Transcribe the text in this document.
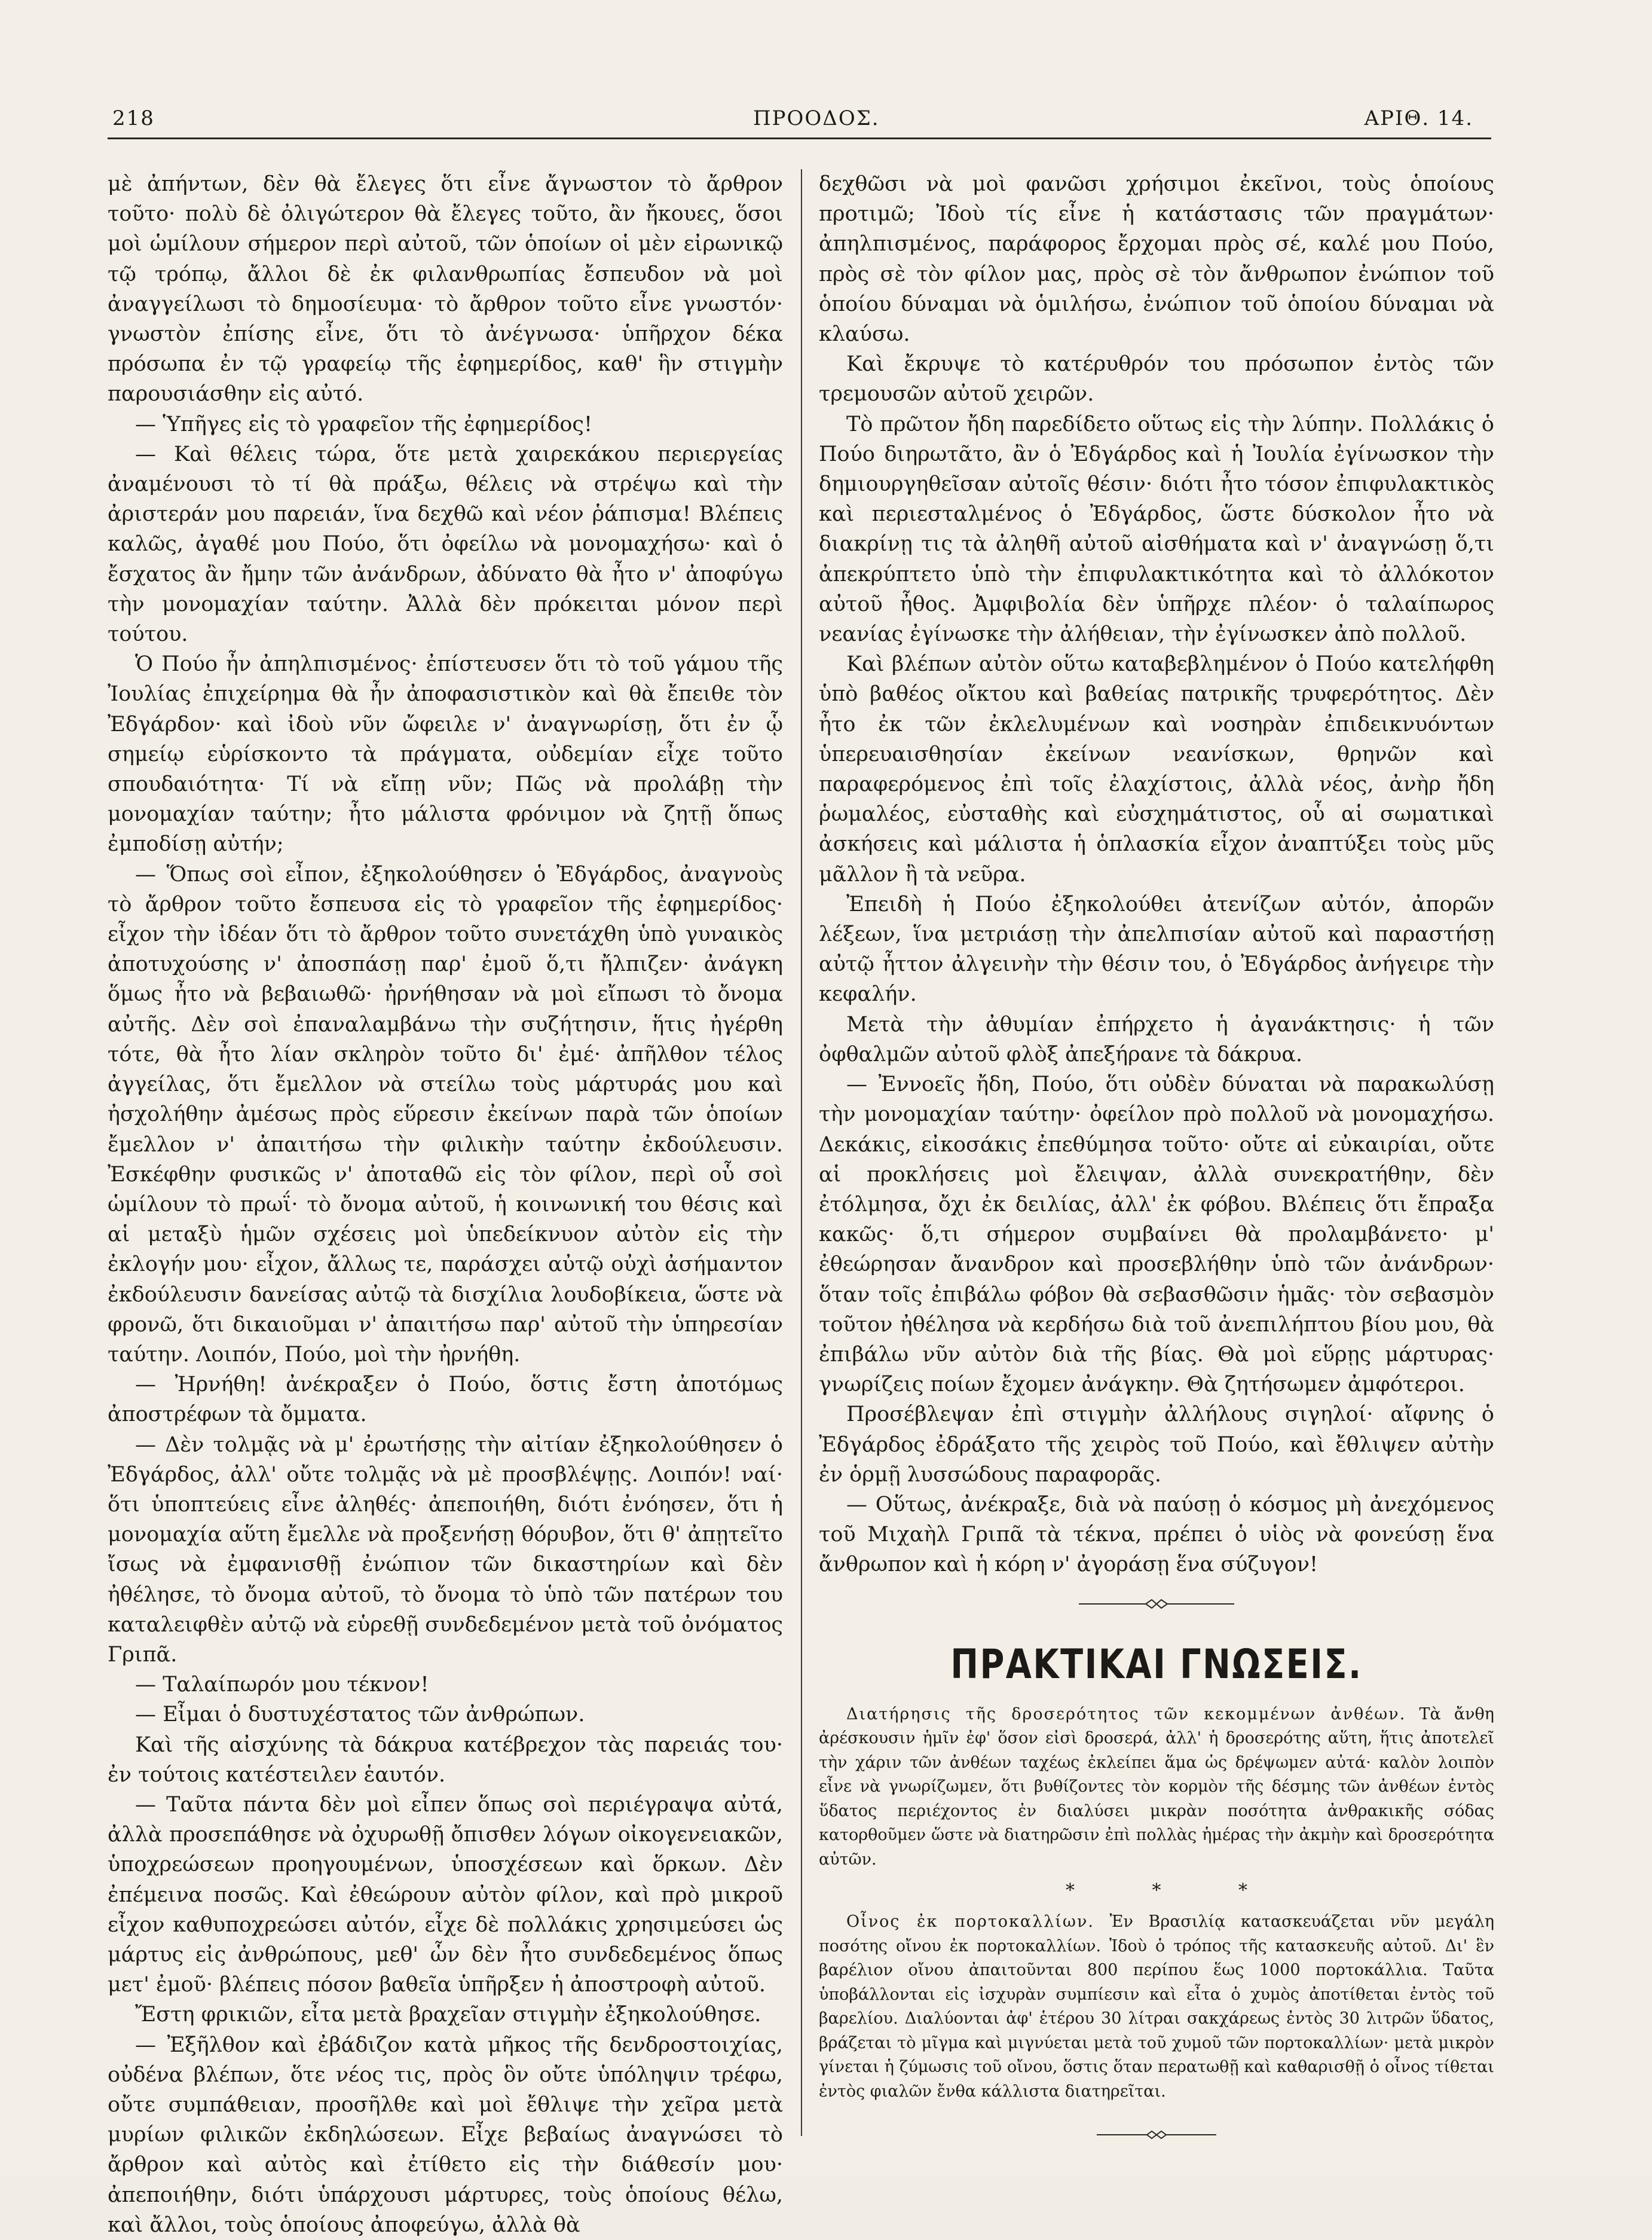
218	ΠΡΟΟΔΟΣ.	ΑΡΙΘ. 14.

μὲ ἀπήντων, δὲν θὰ ἔλεγες ὅτι εἶνε ἄγνωστον τὸ ἄρθρον τοῦτο· πολὺ δὲ ὀλιγώτερον θὰ ἔλεγες τοῦτο, ἂν ἤκουες, ὅσοι μοὶ ὡμίλουν σήμερον περὶ αὐτοῦ, τῶν ὁποίων οἱ μὲν εἰρωνικῷ τῷ τρόπῳ, ἄλλοι δὲ ἐκ φιλανθρωπίας ἔσπευδον νὰ μοὶ ἀναγγείλωσι τὸ δημοσίευμα· τὸ ἄρθρον τοῦτο εἶνε γνωστόν· γνωστὸν ἐπίσης εἶνε, ὅτι τὸ ἀνέγνωσα· ὑπῆρχον δέκα πρόσωπα ἐν τῷ γραφείῳ τῆς ἐφημερίδος, καθ' ἣν στιγμὴν παρουσιάσθην εἰς αὐτό.

— Ὑπῆγες εἰς τὸ γραφεῖον τῆς ἐφημερίδος!

— Καὶ θέλεις τώρα, ὅτε μετὰ χαιρεκάκου περιεργείας ἀναμένουσι τὸ τί θὰ πράξω, θέλεις νὰ στρέψω καὶ τὴν ἀριστεράν μου παρειάν, ἵνα δεχθῶ καὶ νέον ῥάπισμα! Βλέπεις καλῶς, ἀγαθέ μου Πούο, ὅτι ὀφείλω νὰ μονομαχήσω· καὶ ὁ ἔσχατος ἂν ἤμην τῶν ἀνάνδρων, ἀδύνατο θὰ ἦτο ν' ἀποφύγω τὴν μονομαχίαν ταύτην. Ἀλλὰ δὲν πρόκειται μόνον περὶ τούτου.

Ὁ Πούο ἦν ἀπηλπισμένος· ἐπίστευσεν ὅτι τὸ τοῦ γάμου τῆς Ἰουλίας ἐπιχείρημα θὰ ἦν ἀποφασιστικὸν καὶ θὰ ἔπειθε τὸν Ἐδγάρδον· καὶ ἰδοὺ νῦν ὤφειλε ν' ἀναγνωρίσῃ, ὅτι ἐν ᾧ σημείῳ εὑρίσκοντο τὰ πράγματα, οὐδεμίαν εἶχε τοῦτο σπουδαιότητα· Τί νὰ εἴπῃ νῦν; Πῶς νὰ προλάβῃ τὴν μονομαχίαν ταύτην; ἦτο μάλιστα φρόνιμον νὰ ζητῇ ὅπως ἐμποδίσῃ αὐτήν;

— Ὅπως σοὶ εἶπον, ἐξηκολούθησεν ὁ Ἐδγάρδος, ἀναγνοὺς τὸ ἄρθρον τοῦτο ἔσπευσα εἰς τὸ γραφεῖον τῆς ἐφημερίδος· εἶχον τὴν ἰδέαν ὅτι τὸ ἄρθρον τοῦτο συνετάχθη ὑπὸ γυναικὸς ἀποτυχούσης ν' ἀποσπάσῃ παρ' ἐμοῦ ὅ,τι ἤλπιζεν· ἀνάγκη ὅμως ἦτο νὰ βεβαιωθῶ· ἠρνήθησαν νὰ μοὶ εἴπωσι τὸ ὄνομα αὐτῆς. Δὲν σοὶ ἐπαναλαμβάνω τὴν συζήτησιν, ἥτις ἠγέρθη τότε, θὰ ἦτο λίαν σκληρὸν τοῦτο δι' ἐμέ· ἀπῆλθον τέλος ἀγγείλας, ὅτι ἔμελλον νὰ στείλω τοὺς μάρτυράς μου καὶ ἠσχολήθην ἀμέσως πρὸς εὕρεσιν ἐκείνων παρὰ τῶν ὁποίων ἔμελλον ν' ἀπαιτήσω τὴν φιλικὴν ταύτην ἐκδούλευσιν. Ἐσκέφθην φυσικῶς ν' ἀποταθῶ εἰς τὸν φίλον, περὶ οὗ σοὶ ὡμίλουν τὸ πρωΐ· τὸ ὄνομα αὐτοῦ, ἡ κοινωνική του θέσις καὶ αἱ μεταξὺ ἡμῶν σχέσεις μοὶ ὑπεδείκνυον αὐτὸν εἰς τὴν ἐκλογήν μου· εἶχον, ἄλλως τε, παράσχει αὐτῷ οὐχὶ ἀσήμαντον ἐκδούλευσιν δανείσας αὐτῷ τὰ δισχίλια λουδοβίκεια, ὥστε νὰ φρονῶ, ὅτι δικαιοῦμαι ν' ἀπαιτήσω παρ' αὐτοῦ τὴν ὑπηρεσίαν ταύτην. Λοιπόν, Πούο, μοὶ τὴν ἠρνήθη.

— Ἠρνήθη! ἀνέκραξεν ὁ Πούο, ὅστις ἔστη ἀποτόμως ἀποστρέφων τὰ ὄμματα.

— Δὲν τολμᾷς νὰ μ' ἐρωτήσῃς τὴν αἰτίαν ἐξηκολούθησεν ὁ Ἐδγάρδος, ἀλλ' οὔτε τολμᾷς νὰ μὲ προσβλέψῃς. Λοιπόν! ναί· ὅτι ὑποπτεύεις εἶνε ἀληθές· ἀπεποιήθη, διότι ἐνόησεν, ὅτι ἡ μονομαχία αὕτη ἔμελλε νὰ προξενήσῃ θόρυβον, ὅτι θ' ἀπῃτεῖτο ἴσως νὰ ἐμφανισθῇ ἐνώπιον τῶν δικαστηρίων καὶ δὲν ἠθέλησε, τὸ ὄνομα αὐτοῦ, τὸ ὄνομα τὸ ὑπὸ τῶν πατέρων του καταλειφθὲν αὐτῷ νὰ εὑρεθῇ συνδεδεμένον μετὰ τοῦ ὀνόματος Γριπᾶ.

— Ταλαίπωρόν μου τέκνον!

— Εἶμαι ὁ δυστυχέστατος τῶν ἀνθρώπων.

Καὶ τῆς αἰσχύνης τὰ δάκρυα κατέβρεχον τὰς παρειάς του· ἐν τούτοις κατέστειλεν ἑαυτόν.

— Ταῦτα πάντα δὲν μοὶ εἶπεν ὅπως σοὶ περιέγραψα αὐτά, ἀλλὰ προσεπάθησε νὰ ὀχυρωθῇ ὄπισθεν λόγων οἰκογενειακῶν, ὑποχρεώσεων προηγουμένων, ὑποσχέσεων καὶ ὅρκων. Δὲν ἐπέμεινα ποσῶς. Καὶ ἐθεώρουν αὐτὸν φίλον, καὶ πρὸ μικροῦ εἶχον καθυποχρεώσει αὐτόν, εἶχε δὲ πολλάκις χρησιμεύσει ὡς μάρτυς εἰς ἀνθρώπους, μεθ' ὧν δὲν ἦτο συνδεδεμένος ὅπως μετ' ἐμοῦ· βλέπεις πόσον βαθεῖα ὑπῆρξεν ἡ ἀποστροφὴ αὐτοῦ.

Ἔστη φρικιῶν, εἶτα μετὰ βραχεῖαν στιγμὴν ἐξηκολούθησε.

— Ἐξῆλθον καὶ ἐβάδιζον κατὰ μῆκος τῆς δενδροστοιχίας, οὐδένα βλέπων, ὅτε νέος τις, πρὸς ὃν οὔτε ὑπόληψιν τρέφω, οὔτε συμπάθειαν, προσῆλθε καὶ μοὶ ἔθλιψε τὴν χεῖρα μετὰ μυρίων φιλικῶν ἐκδηλώσεων. Εἶχε βεβαίως ἀναγνώσει τὸ ἄρθρον καὶ αὐτὸς καὶ ἐτίθετο εἰς τὴν διάθεσίν μου· ἀπεποιήθην, διότι ὑπάρχουσι μάρτυρες, τοὺς ὁποίους θέλω, καὶ ἄλλοι, τοὺς ὁποίους ἀποφεύγω, ἀλλὰ θὰ

δεχθῶσι νὰ μοὶ φανῶσι χρήσιμοι ἐκεῖνοι, τοὺς ὁποίους προτιμῶ; Ἰδοὺ τίς εἶνε ἡ κατάστασις τῶν πραγμάτων· ἀπηλπισμένος, παράφορος ἔρχομαι πρὸς σέ, καλέ μου Πούο, πρὸς σὲ τὸν φίλον μας, πρὸς σὲ τὸν ἄνθρωπον ἐνώπιον τοῦ ὁποίου δύναμαι νὰ ὁμιλήσω, ἐνώπιον τοῦ ὁποίου δύναμαι νὰ κλαύσω.

Καὶ ἔκρυψε τὸ κατέρυθρόν του πρόσωπον ἐντὸς τῶν τρεμουσῶν αὐτοῦ χειρῶν.

Τὸ πρῶτον ἤδη παρεδίδετο οὕτως εἰς τὴν λύπην. Πολλάκις ὁ Πούο διηρωτᾶτο, ἂν ὁ Ἐδγάρδος καὶ ἡ Ἰουλία ἐγίνωσκον τὴν δημιουργηθεῖσαν αὐτοῖς θέσιν· διότι ἦτο τόσον ἐπιφυλακτικὸς καὶ περιεσταλμένος ὁ Ἐδγάρδος, ὥστε δύσκολον ἦτο νὰ διακρίνῃ τις τὰ ἀληθῆ αὐτοῦ αἰσθήματα καὶ ν' ἀναγνώσῃ ὅ,τι ἀπεκρύπτετο ὑπὸ τὴν ἐπιφυλακτικότητα καὶ τὸ ἀλλόκοτον αὐτοῦ ἦθος. Ἀμφιβολία δὲν ὑπῆρχε πλέον· ὁ ταλαίπωρος νεανίας ἐγίνωσκε τὴν ἀλήθειαν, τὴν ἐγίνωσκεν ἀπὸ πολλοῦ.

Καὶ βλέπων αὐτὸν οὕτω καταβεβλημένον ὁ Πούο κατελήφθη ὑπὸ βαθέος οἴκτου καὶ βαθείας πατρικῆς τρυφερότητος. Δὲν ἦτο ἐκ τῶν ἐκλελυμένων καὶ νοσηρὰν ἐπιδεικνυόντων ὑπερευαισθησίαν ἐκείνων νεανίσκων, θρηνῶν καὶ παραφερόμενος ἐπὶ τοῖς ἐλαχίστοις, ἀλλὰ νέος, ἀνὴρ ἤδη ῥωμαλέος, εὐσταθὴς καὶ εὐσχημάτιστος, οὗ αἱ σωματικαὶ ἀσκήσεις καὶ μάλιστα ἡ ὁπλασκία εἶχον ἀναπτύξει τοὺς μῦς μᾶλλον ἢ τὰ νεῦρα.

Ἐπειδὴ ἡ Πούο ἐξηκολούθει ἀτενίζων αὐτόν, ἀπορῶν λέξεων, ἵνα μετριάσῃ τὴν ἀπελπισίαν αὐτοῦ καὶ παραστήσῃ αὐτῷ ἧττον ἀλγεινὴν τὴν θέσιν του, ὁ Ἐδγάρδος ἀνήγειρε τὴν κεφαλήν.

Μετὰ τὴν ἀθυμίαν ἐπήρχετο ἡ ἀγανάκτησις· ἡ τῶν ὀφθαλμῶν αὐτοῦ φλὸξ ἀπεξήρανε τὰ δάκρυα.

— Ἐννοεῖς ἤδη, Πούο, ὅτι οὐδὲν δύναται νὰ παρακωλύσῃ τὴν μονομαχίαν ταύτην· ὀφείλον πρὸ πολλοῦ νὰ μονομαχήσω. Δεκάκις, εἰκοσάκις ἐπεθύμησα τοῦτο· οὔτε αἱ εὐκαιρίαι, οὔτε αἱ προκλήσεις μοὶ ἔλειψαν, ἀλλὰ συνεκρατήθην, δὲν ἐτόλμησα, ὄχι ἐκ δειλίας, ἀλλ' ἐκ φόβου. Βλέπεις ὅτι ἔπραξα κακῶς· ὅ,τι σήμερον συμβαίνει θὰ προλαμβάνετο· μ' ἐθεώρησαν ἄνανδρον καὶ προσεβλήθην ὑπὸ τῶν ἀνάνδρων· ὅταν τοῖς ἐπιβάλω φόβον θὰ σεβασθῶσιν ἡμᾶς· τὸν σεβασμὸν τοῦτον ἠθέλησα νὰ κερδήσω διὰ τοῦ ἀνεπιλήπτου βίου μου, θὰ ἐπιβάλω νῦν αὐτὸν διὰ τῆς βίας. Θὰ μοὶ εὕρῃς μάρτυρας· γνωρίζεις ποίων ἔχομεν ἀνάγκην. Θὰ ζητήσωμεν ἀμφότεροι.

Προσέβλεψαν ἐπὶ στιγμὴν ἀλλήλους σιγηλοί· αἴφνης ὁ Ἐδγάρδος ἐδράξατο τῆς χειρὸς τοῦ Πούο, καὶ ἔθλιψεν αὐτὴν ἐν ὁρμῇ λυσσώδους παραφορᾶς.

— Οὕτως, ἀνέκραξε, διὰ νὰ παύσῃ ὁ κόσμος μὴ ἀνεχόμενος τοῦ Μιχαὴλ Γριπᾶ τὰ τέκνα, πρέπει ὁ υἱὸς νὰ φονεύσῃ ἕνα ἄνθρωπον καὶ ἡ κόρη ν' ἀγοράσῃ ἕνα σύζυγον!

ΠΡΑΚΤΙΚΑΙ ΓΝΩΣΕΙΣ.

Διατήρησις τῆς δροσερότητος τῶν κεκομμένων ἀνθέων. Τὰ ἄνθη ἀρέσκουσιν ἡμῖν ἐφ' ὅσον εἰσὶ δροσερά, ἀλλ' ἡ δροσερότης αὕτη, ἥτις ἀποτελεῖ τὴν χάριν τῶν ἀνθέων ταχέως ἐκλείπει ἅμα ὡς δρέψωμεν αὐτά· καλὸν λοιπὸν εἶνε νὰ γνωρίζωμεν, ὅτι βυθίζοντες τὸν κορμὸν τῆς δέσμης τῶν ἀνθέων ἐντὸς ὕδατος περιέχοντος ἐν διαλύσει μικρὰν ποσότητα ἀνθρακικῆς σόδας κατορθοῦμεν ὥστε νὰ διατηρῶσιν ἐπὶ πολλὰς ἡμέρας τὴν ἀκμὴν καὶ δροσερότητα αὐτῶν.

* * *

Οἶνος ἐκ πορτοκαλλίων. Ἐν Βρασιλίᾳ κατασκευάζεται νῦν μεγάλη ποσότης οἴνου ἐκ πορτοκαλλίων. Ἰδοὺ ὁ τρόπος τῆς κατασκευῆς αὐτοῦ. Δι' ἓν βαρέλιον οἴνου ἀπαιτοῦνται 800 περίπου ἕως 1000 πορτοκάλλια. Ταῦτα ὑποβάλλονται εἰς ἰσχυρὰν συμπίεσιν καὶ εἶτα ὁ χυμὸς ἀποτίθεται ἐντὸς τοῦ βαρελίου. Διαλύονται ἀφ' ἑτέρου 30 λίτραι σακχάρεως ἐντὸς 30 λιτρῶν ὕδατος, βράζεται τὸ μῖγμα καὶ μιγνύεται μετὰ τοῦ χυμοῦ τῶν πορτοκαλλίων· μετὰ μικρὸν γίνεται ἡ ζύμωσις τοῦ οἴνου, ὅστις ὅταν περατωθῇ καὶ καθαρισθῇ ὁ οἶνος τίθεται ἐντὸς φιαλῶν ἔνθα κάλλιστα διατηρεῖται.
